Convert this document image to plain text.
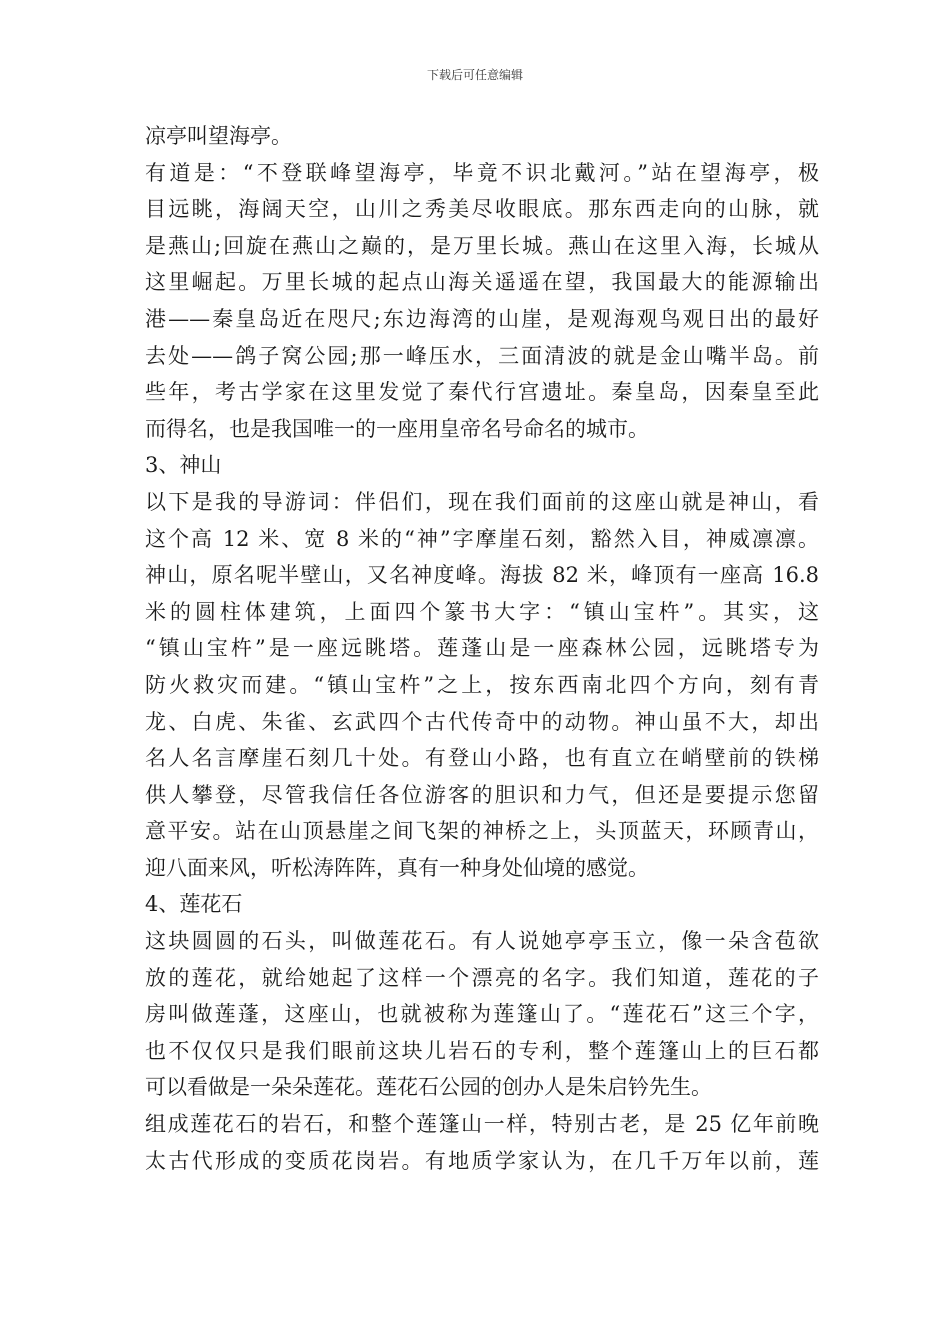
下载后可任意编辑
凉亭叫望海亭。
有道是：“不登联峰望海亭，毕竟不识北戴河。”站在望海亭，极
目远眺，海阔天空，山川之秀美尽收眼底。那东西走向的山脉，就
是燕山;回旋在燕山之巅的，是万里长城。燕山在这里入海，长城从
这里崛起。万里长城的起点山海关遥遥在望，我国最大的能源输出
港——秦皇岛近在咫尺;东边海湾的山崖，是观海观鸟观日出的最好
去处——鸽子窝公园;那一峰压水，三面清波的就是金山嘴半岛。前
些年，考古学家在这里发觉了秦代行宫遗址。秦皇岛，因秦皇至此
而得名，也是我国唯一的一座用皇帝名号命名的城市。
3、神山
以下是我的导游词：伴侣们，现在我们面前的这座山就是神山，看
这个高 12 米、宽 8 米的“神”字摩崖石刻，豁然入目，神威凛凛。
神山，原名呢半壁山，又名神度峰。海拔 82 米，峰顶有一座高 16.8
米的圆柱体建筑，上面四个篆书大字：“镇山宝杵”。其实，这
“镇山宝杵”是一座远眺塔。莲蓬山是一座森林公园，远眺塔专为
防火救灾而建。“镇山宝杵”之上，按东西南北四个方向，刻有青
龙、白虎、朱雀、玄武四个古代传奇中的动物。神山虽不大，却出
名人名言摩崖石刻几十处。有登山小路，也有直立在峭壁前的铁梯
供人攀登，尽管我信任各位游客的胆识和力气，但还是要提示您留
意平安。站在山顶悬崖之间飞架的神桥之上，头顶蓝天，环顾青山，
迎八面来风，听松涛阵阵，真有一种身处仙境的感觉。
4、莲花石
这块圆圆的石头，叫做莲花石。有人说她亭亭玉立，像一朵含苞欲
放的莲花，就给她起了这样一个漂亮的名字。我们知道，莲花的子
房叫做莲蓬，这座山，也就被称为莲篷山了。“莲花石”这三个字，
也不仅仅只是我们眼前这块儿岩石的专利，整个莲篷山上的巨石都
可以看做是一朵朵莲花。莲花石公园的创办人是朱启钤先生。
组成莲花石的岩石，和整个莲篷山一样，特别古老，是 25 亿年前晚
太古代形成的变质花岗岩。有地质学家认为，在几千万年以前，莲
